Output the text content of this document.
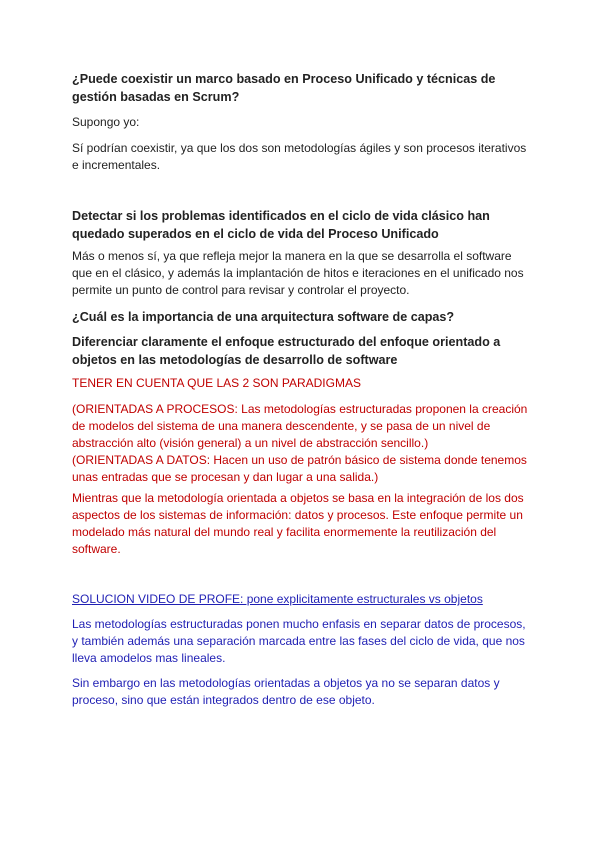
¿Puede coexistir un marco basado en Proceso Unificado y técnicas de gestión basadas en Scrum?

Supongo yo:

Sí podrían coexistir, ya que los dos son metodologías ágiles y son procesos iterativos e incrementales.

Detectar si los problemas identificados en el ciclo de vida clásico han quedado superados en el ciclo de vida del Proceso Unificado

Más o menos sí, ya que refleja mejor la manera en la que se desarrolla el software que en el clásico, y además la implantación de hitos e iteraciones en el unificado nos permite un punto de control para revisar y controlar el proyecto.

¿Cuál es la importancia de una arquitectura software de capas?
Diferenciar claramente el enfoque estructurado del enfoque orientado a objetos en las metodologías de desarrollo de software

TENER EN CUENTA QUE LAS 2 SON PARADIGMAS

(ORIENTADAS A PROCESOS: Las metodologías estructuradas proponen la creación de modelos del sistema de una manera descendente, y se pasa de un nivel de abstracción alto (visión general) a un nivel de abstracción sencillo.)

(ORIENTADAS A DATOS: Hacen un uso de patrón básico de sistema donde tenemos unas entradas que se procesan y dan lugar a una salida.)

Mientras que la metodología orientada a objetos se basa en la integración de los dos aspectos de los sistemas de información: datos y procesos. Este enfoque permite un modelado más natural del mundo real y facilita enormemente la reutilización del software.

SOLUCION VIDEO DE PROFE: pone explicitamente estructurales vs objetos

Las metodologías estructuradas ponen mucho enfasis en separar datos de procesos, y también además una separación marcada entre las fases del ciclo de vida, que nos lleva amodelos mas lineales.

Sin embargo en las metodologías orientadas a objetos ya no se separan datos y proceso, sino que están integrados dentro de ese objeto.
